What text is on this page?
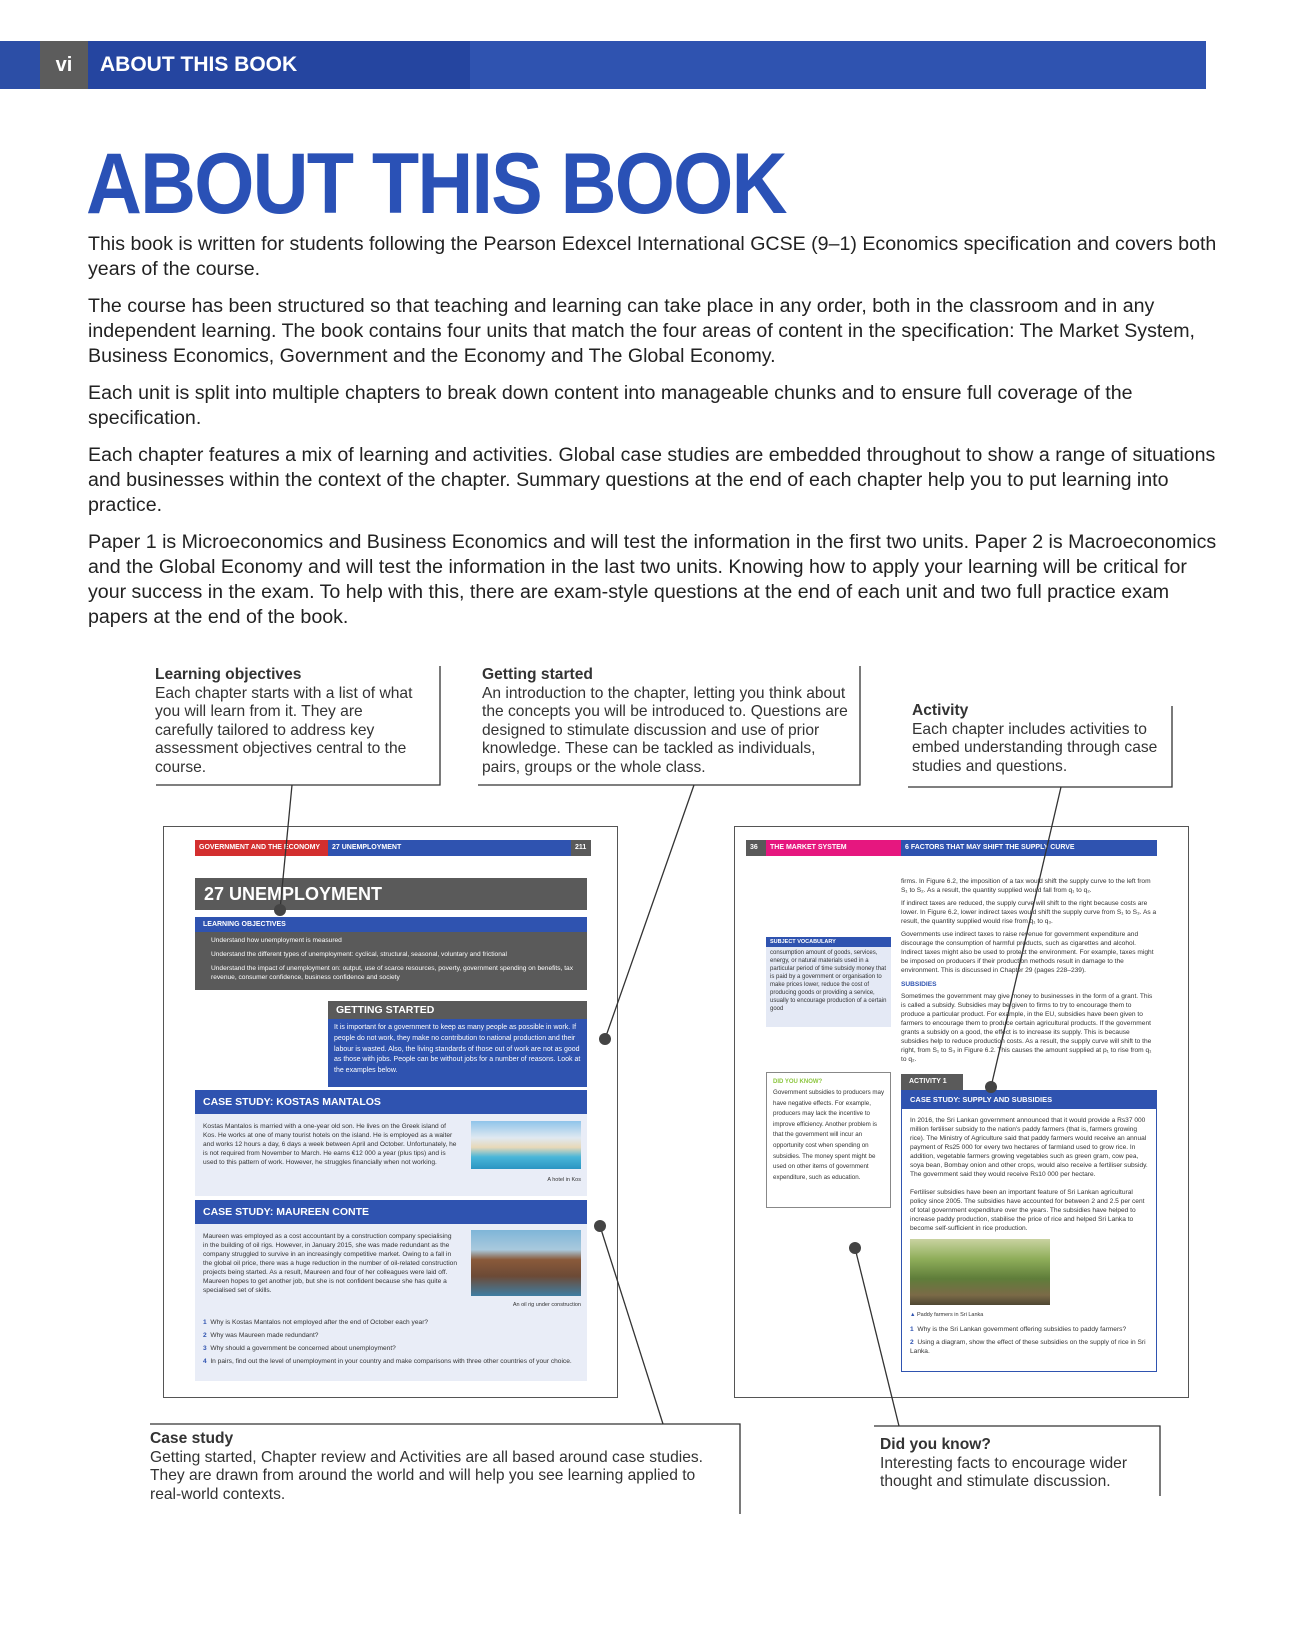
vi	ABOUT THIS BOOK
ABOUT THIS BOOK

This book is written for students following the Pearson Edexcel International GCSE (9–1) Economics specification and covers both years of the course.

The course has been structured so that teaching and learning can take place in any order, both in the classroom and in any independent learning. The book contains four units that match the four areas of content in the specification: The Market System, Business Economics, Government and the Economy and The Global Economy.

Each unit is split into multiple chapters to break down content into manageable chunks and to ensure full coverage of the specification.

Each chapter features a mix of learning and activities. Global case studies are embedded throughout to show a range of situations and businesses within the context of the chapter. Summary questions at the end of each chapter help you to put learning into practice.

Paper 1 is Microeconomics and Business Economics and will test the information in the first two units. Paper 2 is Macroeconomics and the Global Economy and will test the information in the last two units. Knowing how to apply your learning will be critical for your success in the exam. To help with this, there are exam-style questions at the end of each unit and two full practice exam papers at the end of the book.

Learning objectives
Each chapter starts with a list of what you will learn from it. They are carefully tailored to address key assessment objectives central to the course.
Getting started
An introduction to the chapter, letting you think about the concepts you will be introduced to. Questions are designed to stimulate discussion and use of prior knowledge. These can be tackled as individuals, pairs, groups or the whole class.
Activity
Each chapter includes activities to embed understanding through case studies and questions.
Case study
Getting started, Chapter review and Activities are all based around case studies. They are drawn from around the world and will help you see learning applied to real-world contexts.
Did you know?
Interesting facts to encourage wider thought and stimulate discussion.
GOVERNMENT AND THE ECONOMY	27 UNEMPLOYMENT	211
27 UNEMPLOYMENT
LEARNING OBJECTIVES
Understand how unemployment is measured
Understand the different types of unemployment: cyclical, structural, seasonal, voluntary and frictional
Understand the impact of unemployment on: output, use of scarce resources, poverty, government spending on benefits, tax revenue, consumer confidence, business confidence and society
GETTING STARTED
It is important for a government to keep as many people as possible in work. If people do not work, they make no contribution to national production and their labour is wasted. Also, the living standards of those out of work are not as good as those with jobs. People can be without jobs for a number of reasons. Look at the examples below.
CASE STUDY: KOSTAS MANTALOS
Kostas Mantalos is married with a one-year old son. He lives on the Greek island of Kos. He works at one of many tourist hotels on the island. He is employed as a waiter and works 12 hours a day, 6 days a week between April and October. Unfortunately, he is not required from November to March. He earns €12 000 a year (plus tips) and is used to this pattern of work. However, he struggles financially when not working.
A hotel in Kos
CASE STUDY: MAUREEN CONTE
Maureen was employed as a cost accountant by a construction company specialising in the building of oil rigs. However, in January 2015, she was made redundant as the company struggled to survive in an increasingly competitive market. Owing to a fall in the global oil price, there was a huge reduction in the number of oil-related construction projects being started. As a result, Maureen and four of her colleagues were laid off. Maureen hopes to get another job, but she is not confident because she has quite a specialised set of skills.
An oil rig under construction
1 Why is Kostas Mantalos not employed after the end of October each year?
2 Why was Maureen made redundant?
3 Why should a government be concerned about unemployment?
4 In pairs, find out the level of unemployment in your country and make comparisons with three other countries of your choice.
36	THE MARKET SYSTEM	6 FACTORS THAT MAY SHIFT THE SUPPLY CURVE
firms. In Figure 6.2, the imposition of a tax would shift the supply curve to the left from S₁ to S₂. As a result, the quantity supplied would fall from q₁ to q₂.
If indirect taxes are reduced, the supply curve will shift to the right because costs are lower. In Figure 6.2, lower indirect taxes would shift the supply curve from S₁ to S₃. As a result, the quantity supplied would rise from q₁ to q₃.
Governments use indirect taxes to raise revenue for government expenditure and discourage the consumption of harmful products, such as cigarettes and alcohol. Indirect taxes might also be used to protect the environment. For example, taxes might be imposed on producers if their production methods result in damage to the environment. This is discussed in Chapter 29 (pages 228–239).
SUBSIDIES
Sometimes the government may give money to businesses in the form of a grant. This is called a subsidy. Subsidies may be given to firms to try to encourage them to produce a particular product. For example, in the EU, subsidies have been given to farmers to encourage them to produce certain agricultural products. If the government grants a subsidy on a good, the effect is to increase its supply. This is because subsidies help to reduce production costs. As a result, the supply curve will shift to the right, from S₁ to S₃ in Figure 6.2. This causes the amount supplied at p₁ to rise from q₁ to q₂.
SUBJECT VOCABULARY
consumption amount of goods, services, energy, or natural materials used in a particular period of time subsidy money that is paid by a government or organisation to make prices lower, reduce the cost of producing goods or providing a service, usually to encourage production of a certain good
DID YOU KNOW?
Government subsidies to producers may have negative effects. For example, producers may lack the incentive to improve efficiency. Another problem is that the government will incur an opportunity cost when spending on subsidies. The money spent might be used on other items of government expenditure, such as education.
ACTIVITY 1
CASE STUDY: SUPPLY AND SUBSIDIES
In 2016, the Sri Lankan government announced that it would provide a Rs37 000 million fertiliser subsidy to the nation's paddy farmers (that is, farmers growing rice). The Ministry of Agriculture said that paddy farmers would receive an annual payment of Rs25 000 for every two hectares of farmland used to grow rice. In addition, vegetable farmers growing vegetables such as green gram, cow pea, soya bean, Bombay onion and other crops, would also receive a fertiliser subsidy. The government said they would receive Rs10 000 per hectare.
Fertiliser subsidies have been an important feature of Sri Lankan agricultural policy since 2005. The subsidies have accounted for between 2 and 2.5 per cent of total government expenditure over the years. The subsidies have helped to increase paddy production, stabilise the price of rice and helped Sri Lanka to become self-sufficient in rice production.
▲ Paddy farmers in Sri Lanka
1 Why is the Sri Lankan government offering subsidies to paddy farmers?
2 Using a diagram, show the effect of these subsidies on the supply of rice in Sri Lanka.
